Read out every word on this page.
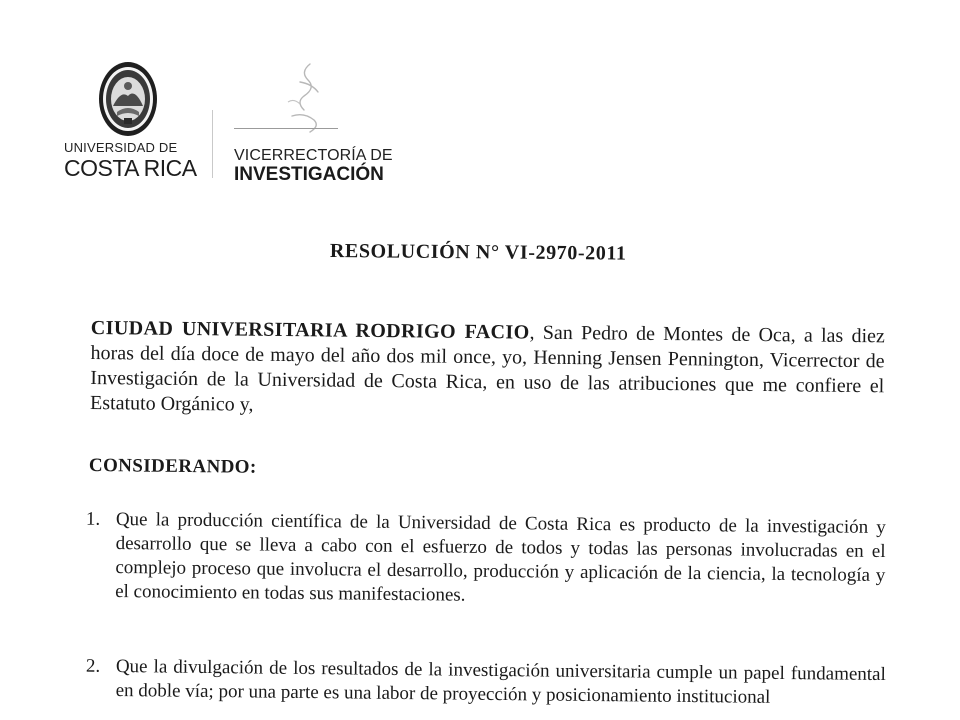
UNIVERSIDAD DE
COSTA RICA VICERRECTORÍA DE
INVESTIGACIÓN
RESOLUCIÓN N° VI-2970-2011
CIUDAD UNIVERSITARIA RODRIGO FACIO, San Pedro de Montes de Oca, a las diez horas del día doce de mayo del año dos mil once, yo, Henning Jensen Pennington, Vicerrector de Investigación de la Universidad de Costa Rica, en uso de las atribuciones que me confiere el Estatuto Orgánico y,
CONSIDERANDO:
1. Que la producción científica de la Universidad de Costa Rica es producto de la investigación y desarrollo que se lleva a cabo con el esfuerzo de todos y todas las personas involucradas en el complejo proceso que involucra el desarrollo, producción y aplicación de la ciencia, la tecnología y el conocimiento en todas sus manifestaciones.
2. Que la divulgación de los resultados de la investigación universitaria cumple un papel fundamental en doble vía; por una parte es una labor de proyección y posicionamiento institucional
